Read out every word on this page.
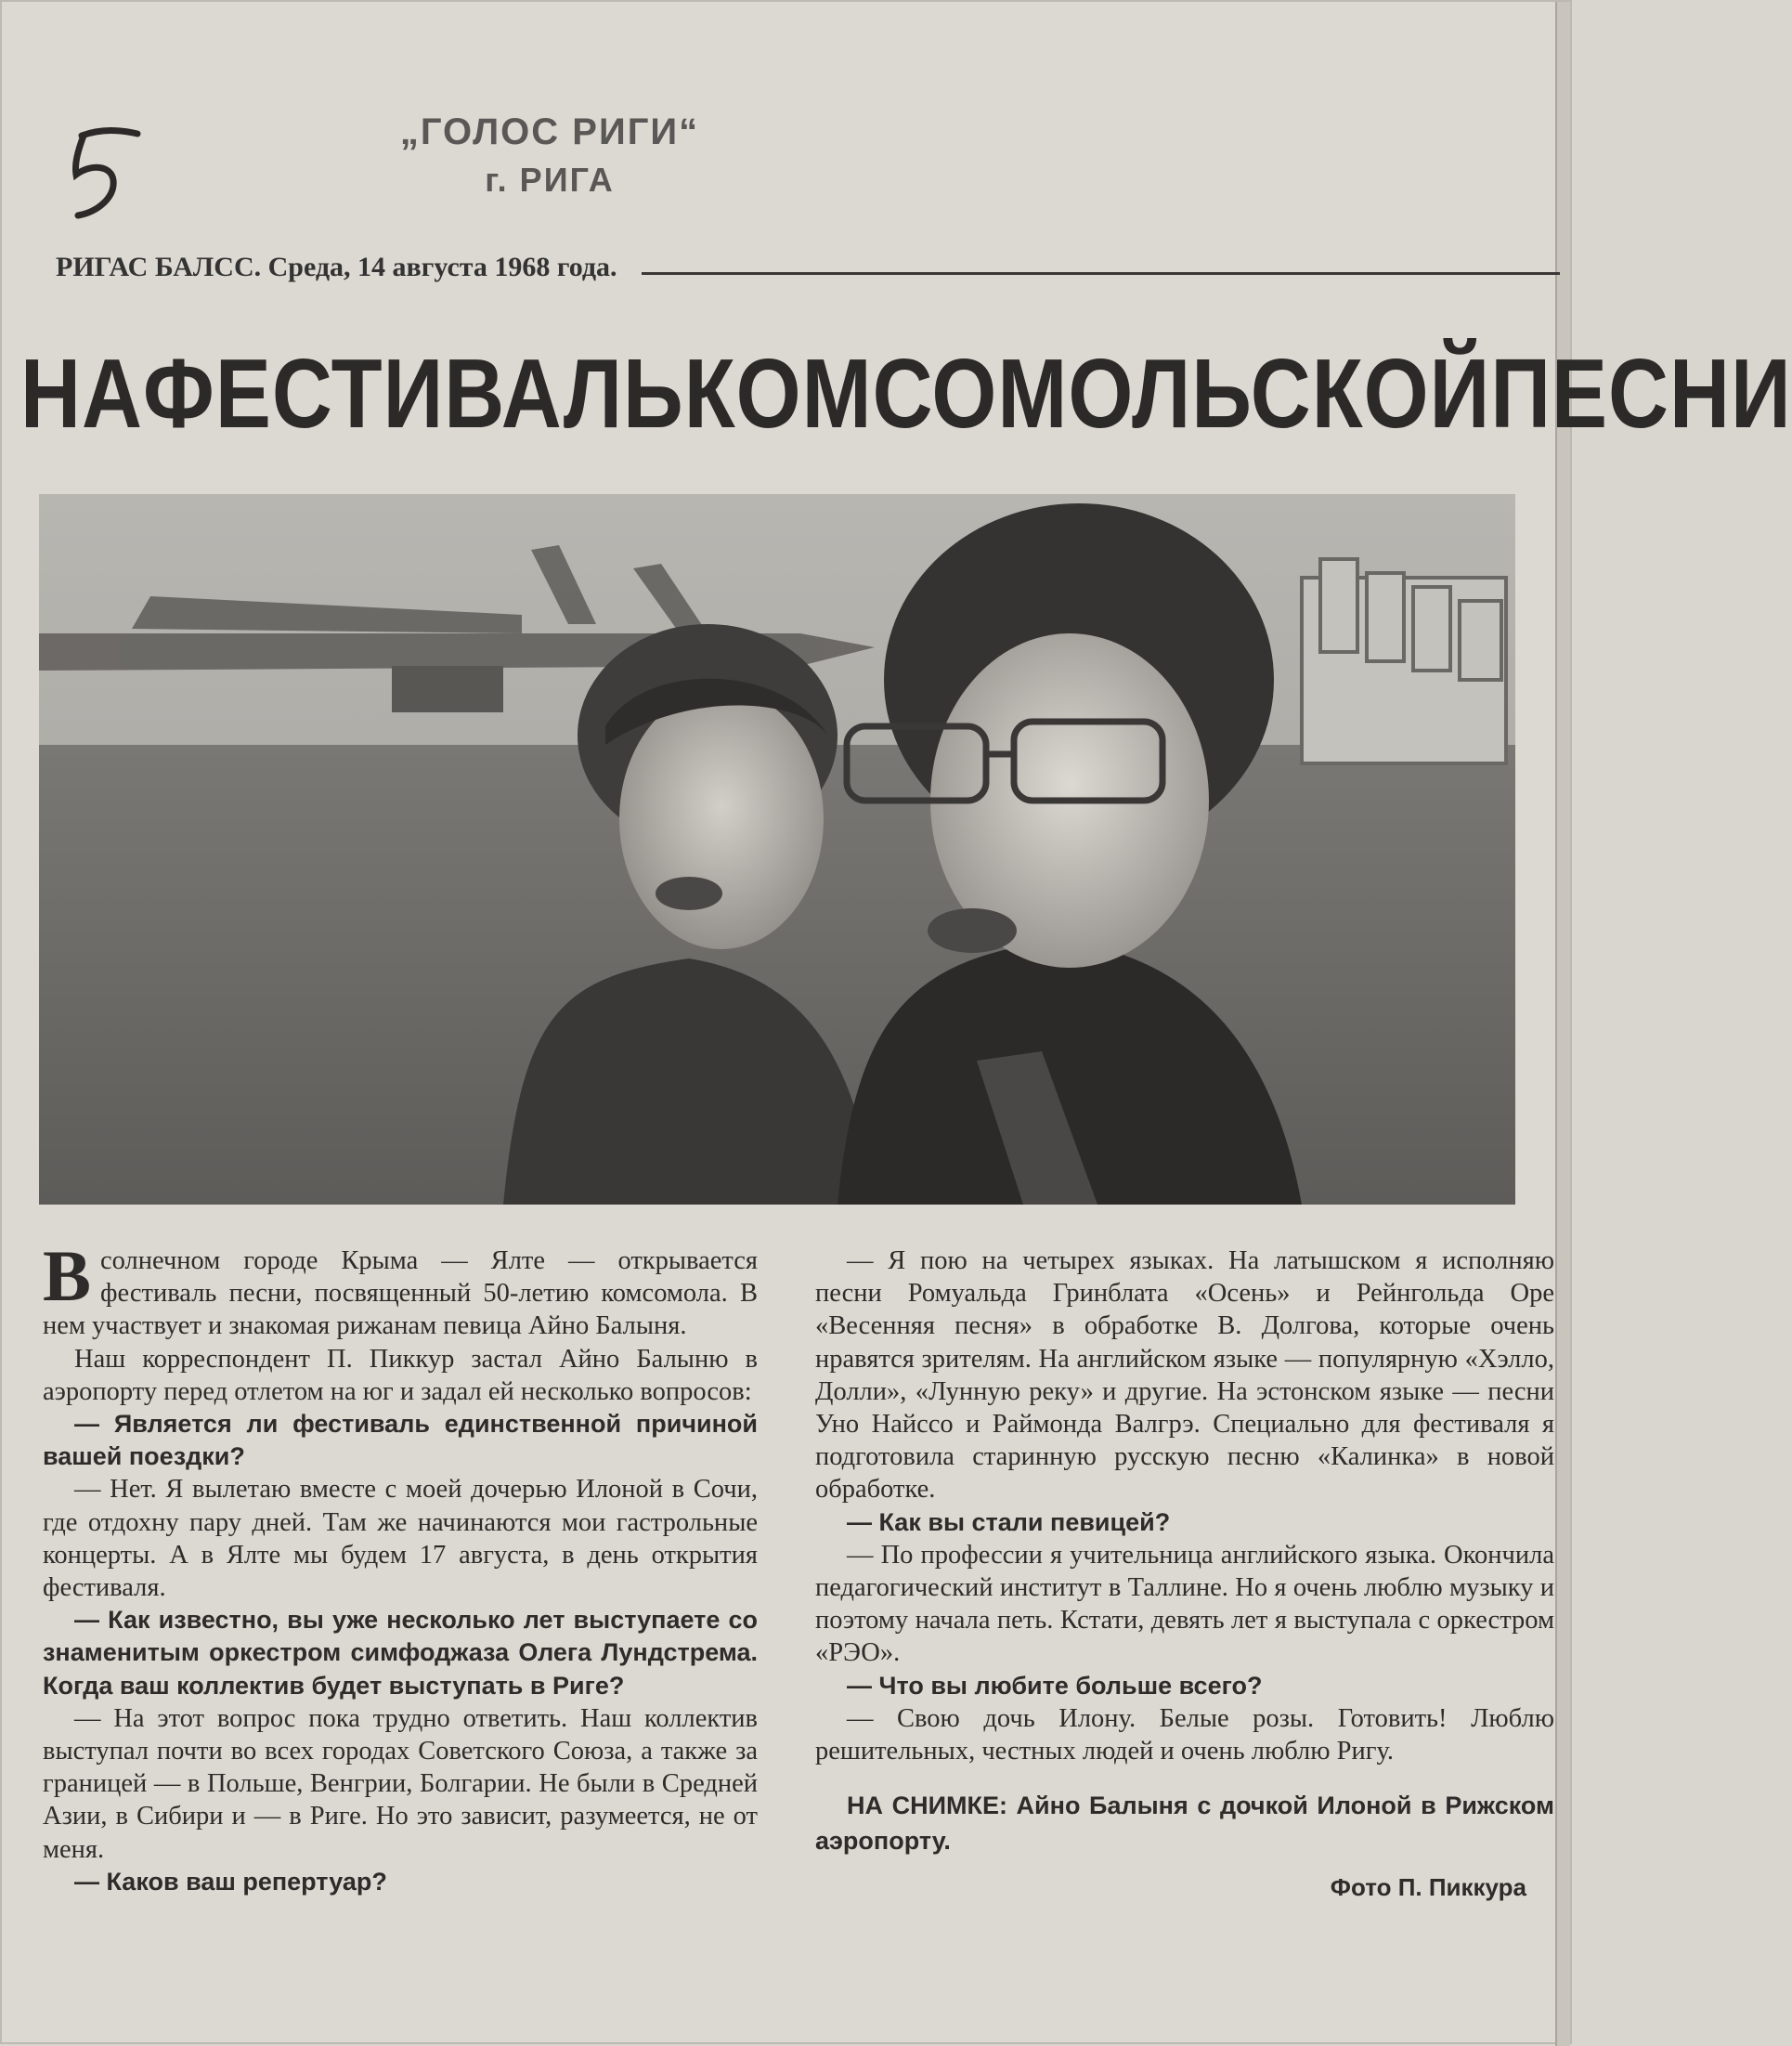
„ГОЛОС РИГИ“
г. РИГА
РИГАС БАЛСС. Среда, 14 августа 1968 года.
НА ФЕСТИВАЛЬ КОМСОМОЛЬСКОЙ ПЕСНИ

Всолнечном городе Крыма — Ялте — открывается фестиваль песни, посвященный 50-летию комсомола. В нем участвует и знакомая рижанам певица Айно Балыня.

Наш корреспондент П. Пиккур застал Айно Балыню в аэропорту перед отлетом на юг и задал ей несколько вопросов:

— Является ли фестиваль единственной причиной вашей поездки?

— Нет. Я вылетаю вместе с моей дочерью Илоной в Сочи, где отдохну пару дней. Там же начинаются мои гастрольные концерты. А в Ялте мы будем 17 августа, в день открытия фестиваля.

— Как известно, вы уже несколько лет выступаете со знаменитым оркестром симфоджаза Олега Лундстрема. Когда ваш коллектив будет выступать в Риге?

— На этот вопрос пока трудно ответить. Наш коллектив выступал почти во всех городах Советского Союза, а также за границей — в Польше, Венгрии, Болгарии. Не были в Средней Азии, в Сибири и — в Риге. Но это зависит, разумеется, не от меня.

— Каков ваш репертуар?

— Я пою на четырех языках. На латышском я исполняю песни Ромуальда Гринблата «Осень» и Рейнгольда Оре «Весенняя песня» в обработке В. Долгова, которые очень нравятся зрителям. На английском языке — популярную «Хэлло, Долли», «Лунную реку» и другие. На эстонском языке — песни Уно Найссо и Раймонда Валгрэ. Специально для фестиваля я подготовила старинную русскую песню «Калинка» в новой обработке.

— Как вы стали певицей?

— По профессии я учительница английского языка. Окончила педагогический институт в Таллине. Но я очень люблю музыку и поэтому начала петь. Кстати, девять лет я выступала с оркестром «РЭО».

— Что вы любите больше всего?

— Свою дочь Илону. Белые розы. Готовить! Люблю решительных, честных людей и очень люблю Ригу.

НА СНИМКЕ: Айно Балыня с дочкой Илоной в Рижском аэропорту.
Фото П. Пиккура
